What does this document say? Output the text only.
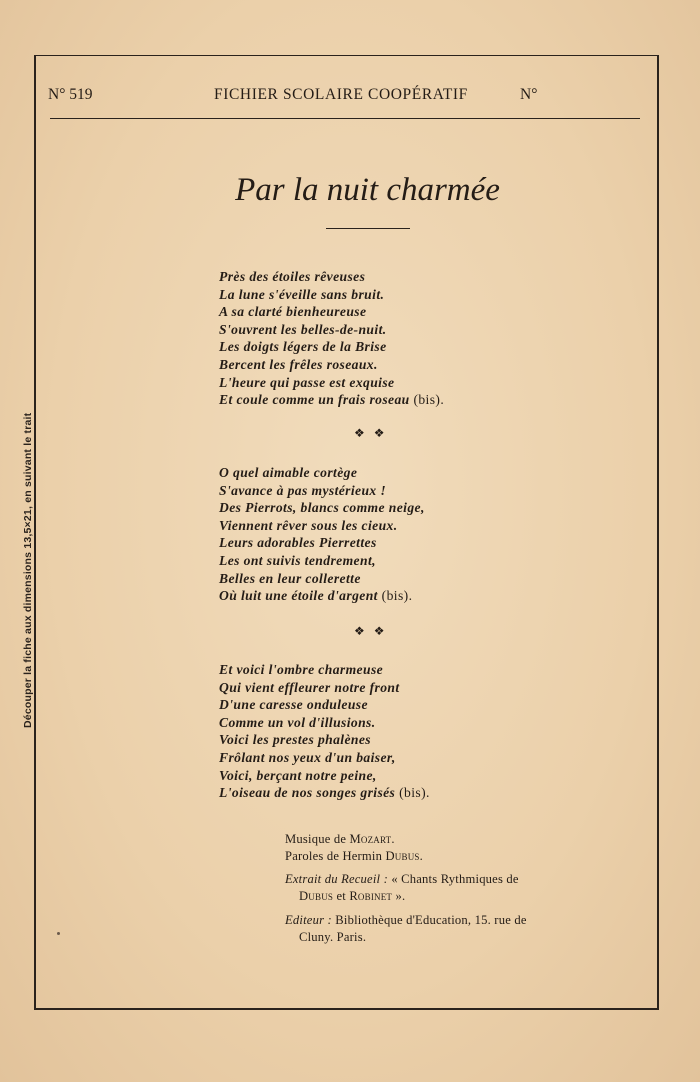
Découper la fiche aux dimensions 13,5×21, en suivant le trait
N° 519	FICHIER SCOLAIRE COOPÉRATIF	N°
Par la nuit charmée
Près des étoiles rêveuses
La lune s'éveille sans bruit.
A sa clarté bienheureuse
S'ouvrent les belles-de-nuit.
Les doigts légers de la Brise
Bercent les frêles roseaux.
L'heure qui passe est exquise
Et coule comme un frais roseau (bis).
❖ ❖
O quel aimable cortège
S'avance à pas mystérieux !
Des Pierrots, blancs comme neige,
Viennent rêver sous les cieux.
Leurs adorables Pierrettes
Les ont suivis tendrement,
Belles en leur collerette
Où luit une étoile d'argent (bis).
❖ ❖
Et voici l'ombre charmeuse
Qui vient effleurer notre front
D'une caresse onduleuse
Comme un vol d'illusions.
Voici les prestes phalènes
Frôlant nos yeux d'un baiser,
Voici, berçant notre peine,
L'oiseau de nos songes grisés (bis).
Musique de Mozart.
Paroles de Hermin Dubus.
Extrait du Recueil : « Chants Rythmiques de
Dubus et Robinet ».
Editeur : Bibliothèque d'Education, 15. rue de
Cluny. Paris.
